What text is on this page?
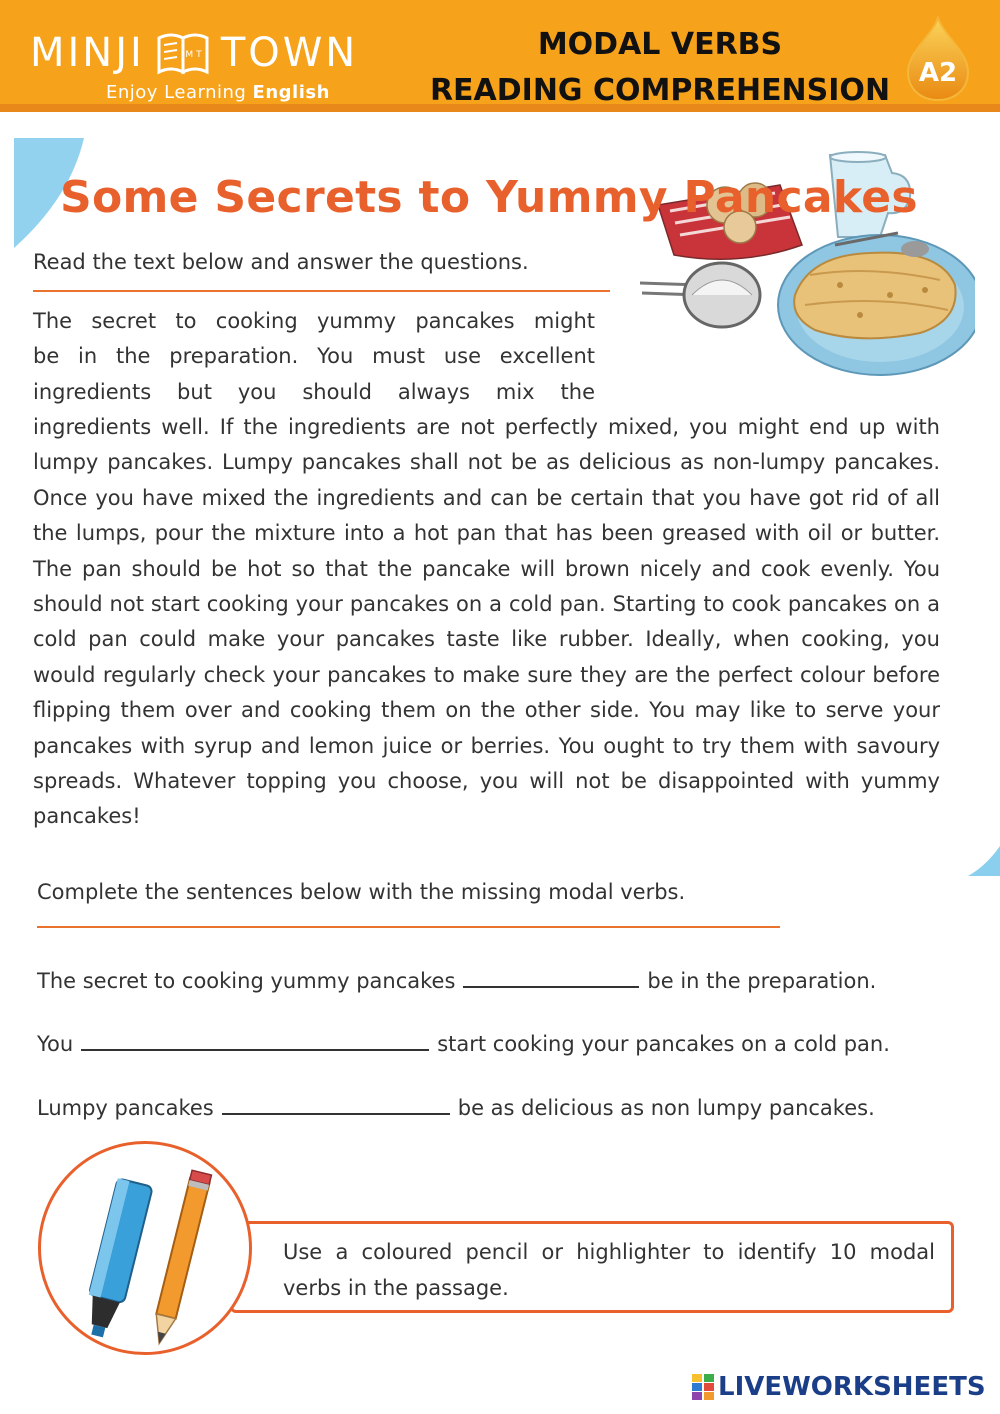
MINJI	MT TOWN
Enjoy Learning English
MODAL VERBS
READING COMPREHENSION	A2
Some Secrets to Yummy Pancakes
Read the text below and answer the questions.
The secret to cooking yummy pancakes might
be in the preparation. You must use excellent
ingredients but you should always mix the
ingredients well. If the ingredients are not perfectly mixed, you might end up with lumpy pancakes. Lumpy pancakes shall not be as delicious as non-lumpy pancakes. Once you have mixed the ingredients and can be certain that you have got rid of all the lumps, pour the mixture into a hot pan that has been greased with oil or butter. The pan should be hot so that the pancake will brown nicely and cook evenly. You should not start cooking your pancakes on a cold pan. Starting to cook pancakes on a cold pan could make your pancakes taste like rubber. Ideally, when cooking, you would regularly check your pancakes to make sure they are the perfect colour before flipping them over and cooking them on the other side. You may like to serve your pancakes with syrup and lemon juice or berries. You ought to try them with savoury spreads. Whatever topping you choose, you will not be disappointed with yummy pancakes!
Complete the sentences below with the missing modal verbs.
The secret to cooking yummy pancakes	be in the preparation.
You	start cooking your pancakes on a cold pan.
Lumpy pancakes	be as delicious as non lumpy pancakes.
Use a coloured pencil or highlighter to identify 10 modal verbs in the passage.
LIVEWORKSHEETS
